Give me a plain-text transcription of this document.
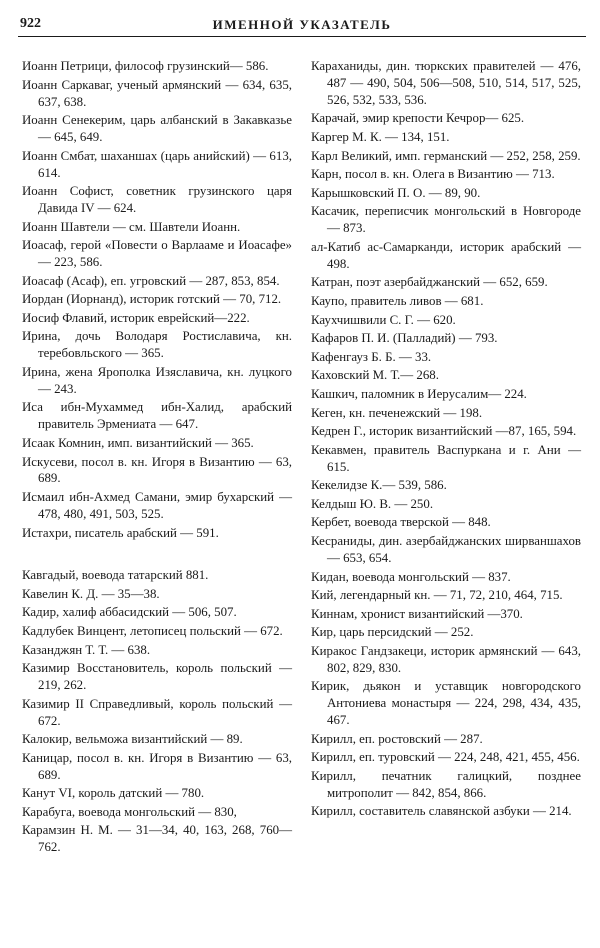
922	ИМЕННОЙ УКАЗАТЕЛЬ
Иоанн Петрици, философ грузинский— 586.
Иоанн Саркаваг, ученый армянский — 634, 635, 637, 638.
Иоанн Сенекерим, царь албанский в Закавказье — 645, 649.
Иоанн Смбат, шаханшах (царь анийский) — 613, 614.
Иоанн Софист, советник грузинского царя Давида IV — 624.
Иоанн Шавтели — см. Шавтели Иоанн.
Иоасаф, герой «Повести о Варлааме и Иоасафе» — 223, 586.
Иоасаф (Асаф), еп. угровский — 287, 853, 854.
Иордан (Иорнанд), историк готский — 70, 712.
Иосиф Флавий, историк еврейский—222.
Ирина, дочь Володаря Ростиславича, кн. теребовльского — 365.
Ирина, жена Ярополка Изяславича, кн. луцкого — 243.
Иса ибн-Мухаммед ибн-Халид, арабский правитель Эрмениата — 647.
Исаак Комнин, имп. византийский — 365.
Искусеви, посол в. кн. Игоря в Византию — 63, 689.
Исмаил ибн-Ахмед Самани, эмир бухарский — 478, 480, 491, 503, 525.
Истахри, писатель арабский — 591.
Кавгадый, воевода татарский 881.
Кавелин К. Д. — 35—38.
Кадир, халиф аббасидский — 506, 507.
Кадлубек Винцент, летописец польский — 672.
Казанджян Т. Т. — 638.
Казимир Восстановитель, король польский — 219, 262.
Казимир II Справедливый, король польский — 672.
Калокир, вельможа византийский — 89.
Каницар, посол в. кн. Игоря в Византию — 63, 689.
Канут VI, король датский — 780.
Карабуга, воевода монгольский — 830,
Карамзин Н. М. — 31—34, 40, 163, 268, 760—762.
Караханиды, дин. тюркских правителей — 476, 487 — 490, 504, 506—508, 510, 514, 517, 525, 526, 532, 533, 536.
Карачай, эмир крепости Кечрор— 625.
Каргер М. К. — 134, 151.
Карл Великий, имп. германский — 252, 258, 259.
Карн, посол в. кн. Олега в Византию — 713.
Карышковский П. О. — 89, 90.
Касачик, переписчик монгольский в Новгороде — 873.
ал-Катиб ас-Самарканди, историк арабский — 498.
Катран, поэт азербайджанский — 652, 659.
Каупо, правитель ливов — 681.
Каухчишвили С. Г. — 620.
Кафаров П. И. (Палладий) — 793.
Кафенгауз Б. Б. — 33.
Каховский М. Т.— 268.
Кашкич, паломник в Иерусалим— 224.
Кеген, кн. печенежский — 198.
Кедрен Г., историк византийский —87, 165, 594.
Кекавмен, правитель Васпуркана и г. Ани — 615.
Кекелидзе К.— 539, 586.
Келдыш Ю. В. — 250.
Кербет, воевода тверской — 848.
Кесраниды, дин. азербайджанских ширваншахов — 653, 654.
Кидан, воевода монгольский — 837.
Кий, легендарный кн. — 71, 72, 210, 464, 715.
Киннам, хронист византийский —370.
Кир, царь персидский — 252.
Киракос Гандзакеци, историк армянский — 643, 802, 829, 830.
Кирик, дьякон и уставщик новгородского Антониева монастыря — 224, 298, 434, 435, 467.
Кирилл, еп. ростовский — 287.
Кирилл, еп. туровский — 224, 248, 421, 455, 456.
Кирилл, печатник галицкий, позднее митрополит — 842, 854, 866.
Кирилл, составитель славянской азбуки — 214.
